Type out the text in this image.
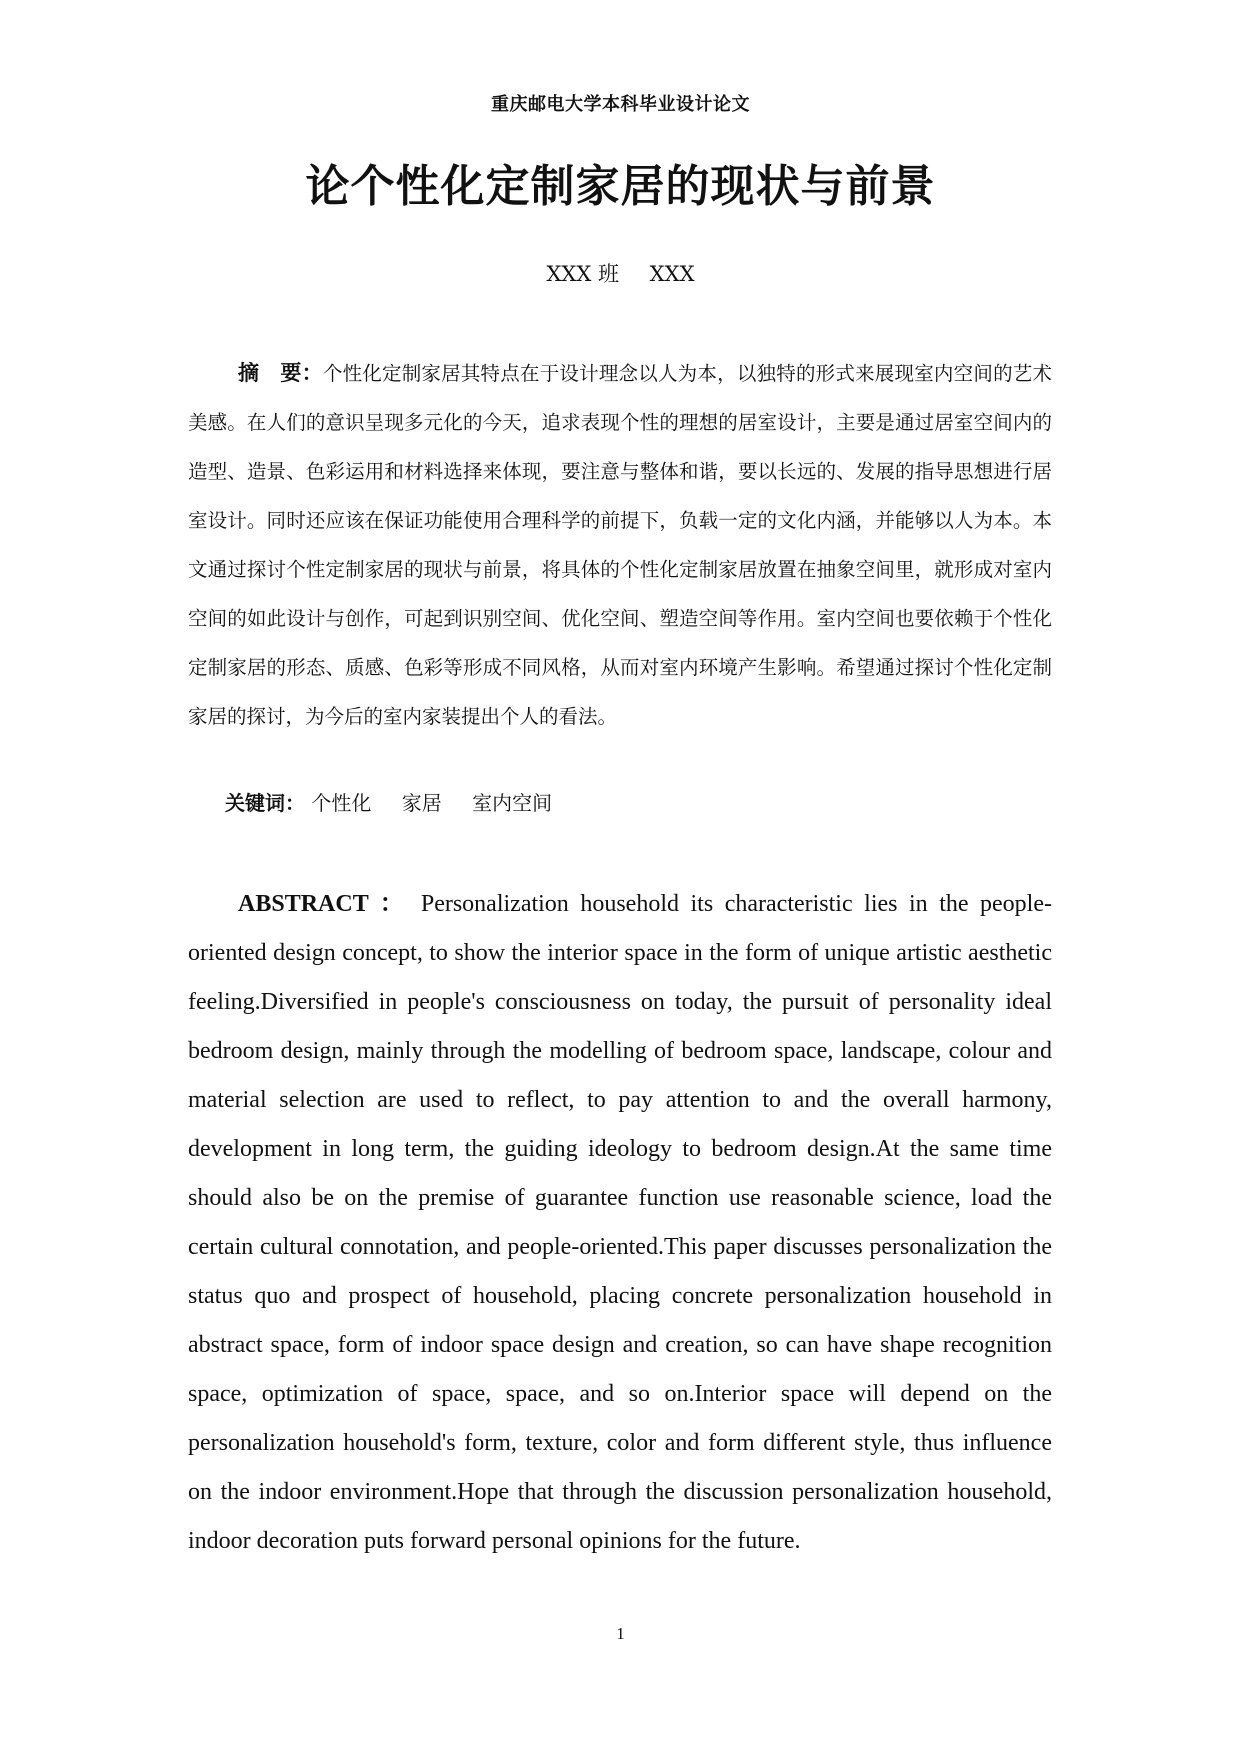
重庆邮电大学本科毕业设计论文
论个性化定制家居的现状与前景
XXX 班 XXX
摘　要：个性化定制家居其特点在于设计理念以人为本，以独特的形式来展现室内空间的艺术美感。在人们的意识呈现多元化的今天，追求表现个性的理想的居室设计，主要是通过居室空间内的造型、造景、色彩运用和材料选择来体现，要注意与整体和谐，要以长远的、发展的指导思想进行居室设计。同时还应该在保证功能使用合理科学的前提下，负载一定的文化内涵，并能够以人为本。本文通过探讨个性定制家居的现状与前景，将具体的个性化定制家居放置在抽象空间里，就形成对室内空间的如此设计与创作，可起到识别空间、优化空间、塑造空间等作用。室内空间也要依赖于个性化定制家居的形态、质感、色彩等形成不同风格，从而对室内环境产生影响。希望通过探讨个性化定制家居的探讨，为今后的室内家装提出个人的看法。
关键词： 个性化 家居 室内空间
ABSTRACT ： Personalization household its characteristic lies in the people-oriented design concept, to show the interior space in the form of unique artistic aesthetic feeling.Diversified in people's consciousness on today, the pursuit of personality ideal bedroom design, mainly through the modelling of bedroom space, landscape, colour and material selection are used to reflect, to pay attention to and the overall harmony, development in long term, the guiding ideology to bedroom design.At the same time should also be on the premise of guarantee function use reasonable science, load the certain cultural connotation, and people-oriented.This paper discusses personalization the status quo and prospect of household, placing concrete personalization household in abstract space, form of indoor space design and creation, so can have shape recognition space, optimization of space, space, and so on.Interior space will depend on the personalization household's form, texture, color and form different style, thus influence on the indoor environment.Hope that through the discussion personalization household, indoor decoration puts forward personal opinions for the future.
1
